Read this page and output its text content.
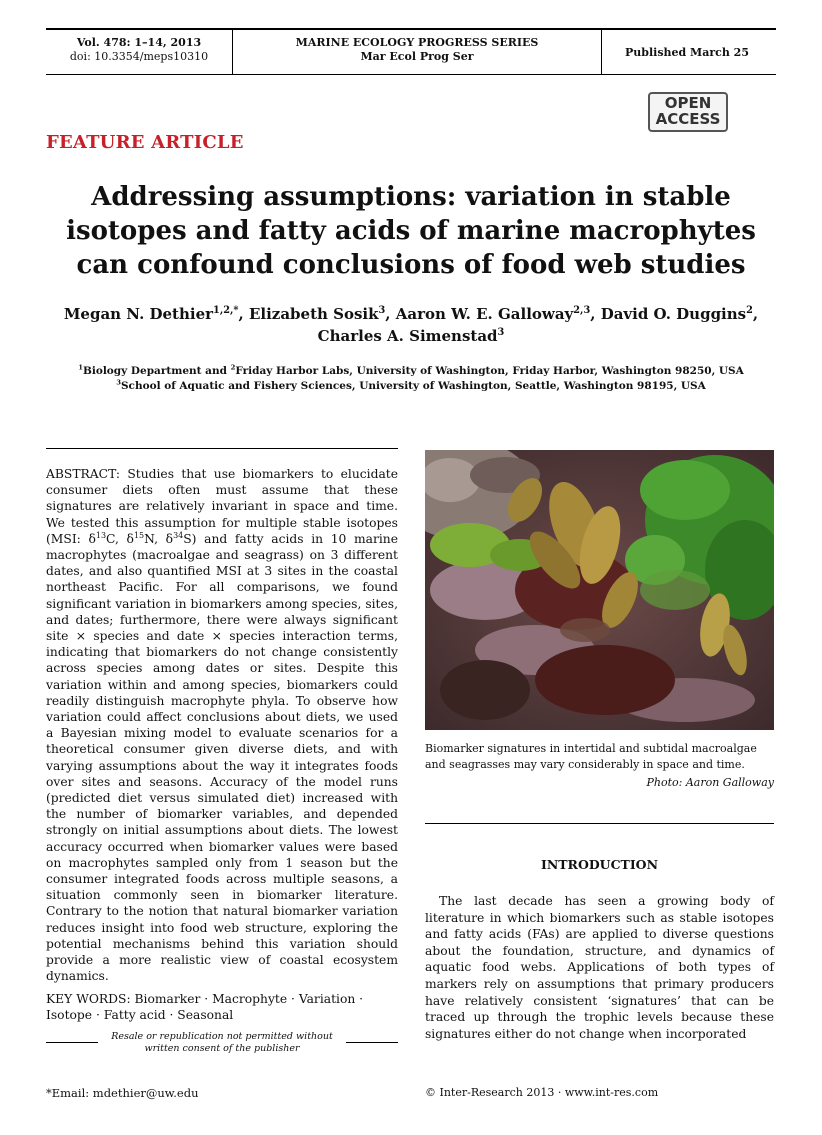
Vol. 478: 1–14, 2013
doi: 10.3354/meps10310
MARINE ECOLOGY PROGRESS SERIES
Mar Ecol Prog Ser	Published March 25
OPEN
ACCESS
FEATURE ARTICLE
Addressing assumptions: variation in stable isotopes and fatty acids of marine macrophytes can confound conclusions of food web studies
Megan N. Dethier$^{1,2,*}$, Elizabeth Sosik$^3$, Aaron W. E. Galloway$^{2,3}$, David O. Duggins$^2$,
Charles A. Simenstad$^3$
$^1$Biology Department and $^2$Friday Harbor Labs, University of Washington, Friday Harbor, Washington 98250, USA
$^3$School of Aquatic and Fishery Sciences, University of Washington, Seattle, Washington 98195, USA
ABSTRACT: Studies that use biomarkers to elucidate consumer diets often must assume that these signatures are relatively invariant in space and time. We tested this assumption for multiple stable isotopes (MSI: $\delta^{13}C$, $\delta^{15}N$, $\delta^{34}S$) and fatty acids in 10 marine macrophytes (macroalgae and seagrass) on 3 different dates, and also quantified MSI at 3 sites in the coastal northeast Pacific. For all comparisons, we found significant variation in biomarkers among species, sites, and dates; furthermore, there were always significant site × species and date × species interaction terms, indicating that biomarkers do not change consistently across species among dates or sites. Despite this variation within and among species, biomarkers could readily distinguish macrophyte phyla. To observe how variation could affect conclusions about diets, we used a Bayesian mixing model to evaluate scenarios for a theoretical consumer given diverse diets, and with varying assumptions about the way it integrates foods over sites and seasons. Accuracy of the model runs (predicted diet versus simulated diet) increased with the number of biomarker variables, and depended strongly on initial assumptions about diets. The lowest accuracy occurred when biomarker values were based on macrophytes sampled only from 1 season but the consumer integrated foods across multiple seasons, a situation commonly seen in biomarker literature. Contrary to the notion that natural biomarker variation reduces insight into food web structure, exploring the potential mechanisms behind this variation should provide a more realistic view of coastal ecosystem dynamics.
KEY WORDS: Biomarker · Macrophyte · Variation · Isotope · Fatty acid · Seasonal
Resale or republication not permitted without written consent of the publisher
*Email: mdethier@uw.edu
Biomarker signatures in intertidal and subtidal macroalgae and seagrasses may vary considerably in space and time.
Photo: Aaron Galloway
INTRODUCTION
The last decade has seen a growing body of literature in which biomarkers such as stable isotopes and fatty acids (FAs) are applied to diverse questions about the foundation, structure, and dynamics of aquatic food webs. Applications of both types of markers rely on assumptions that primary producers have relatively consistent ‘signatures’ that can be traced up through the trophic levels because these signatures either do not change when incorporated
© Inter-Research 2013 · www.int-res.com
